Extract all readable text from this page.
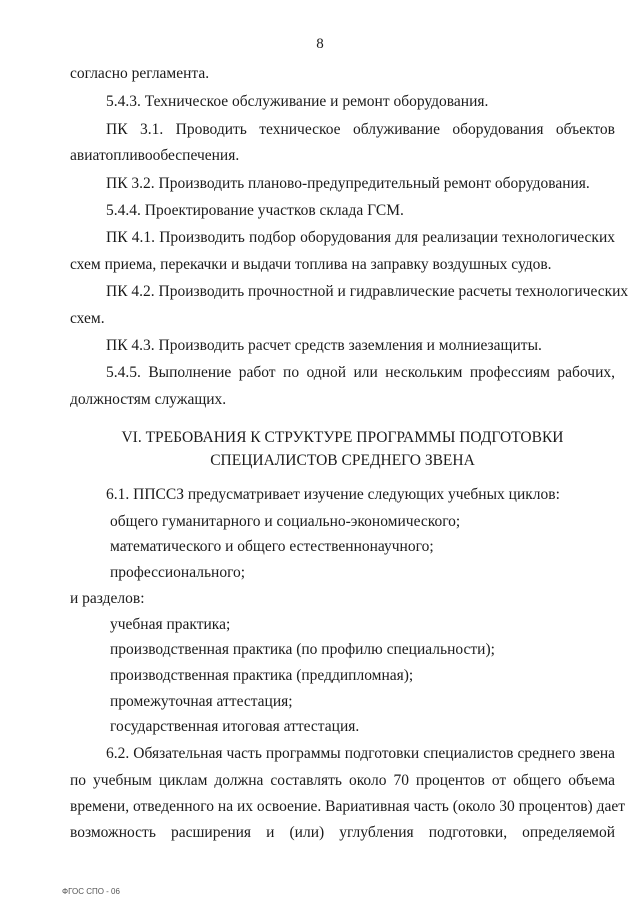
8
согласно регламента.
5.4.3. Техническое обслуживание и ремонт оборудования.
ПК 3.1. Проводить техническое облуживание оборудования объектов
авиатопливообеспечения.
ПК 3.2. Производить планово-предупредительный ремонт оборудования.
5.4.4. Проектирование участков склада ГСМ.
ПК 4.1. Производить подбор оборудования для реализации технологических
схем приема, перекачки и выдачи топлива на заправку воздушных судов.
ПК 4.2. Производить прочностной и гидравлические расчеты технологических
схем.
ПК 4.3. Производить расчет средств заземления и молниезащиты.
5.4.5. Выполнение работ по одной или нескольким профессиям рабочих,
должностям служащих.
VI. ТРЕБОВАНИЯ К СТРУКТУРЕ ПРОГРАММЫ ПОДГОТОВКИ
СПЕЦИАЛИСТОВ СРЕДНЕГО ЗВЕНА
6.1. ППССЗ предусматривает изучение следующих учебных циклов:
общего гуманитарного и социально-экономического;
математического и общего естественнонаучного;
профессионального;
и разделов:
учебная практика;
производственная практика (по профилю специальности);
производственная практика (преддипломная);
промежуточная аттестация;
государственная итоговая аттестация.
6.2. Обязательная часть программы подготовки специалистов среднего звена
по учебным циклам должна составлять около 70 процентов от общего объема
времени, отведенного на их освоение. Вариативная часть (около 30 процентов) дает
возможность расширения и (или) углубления подготовки, определяемой
ФГОС СПО - 06
